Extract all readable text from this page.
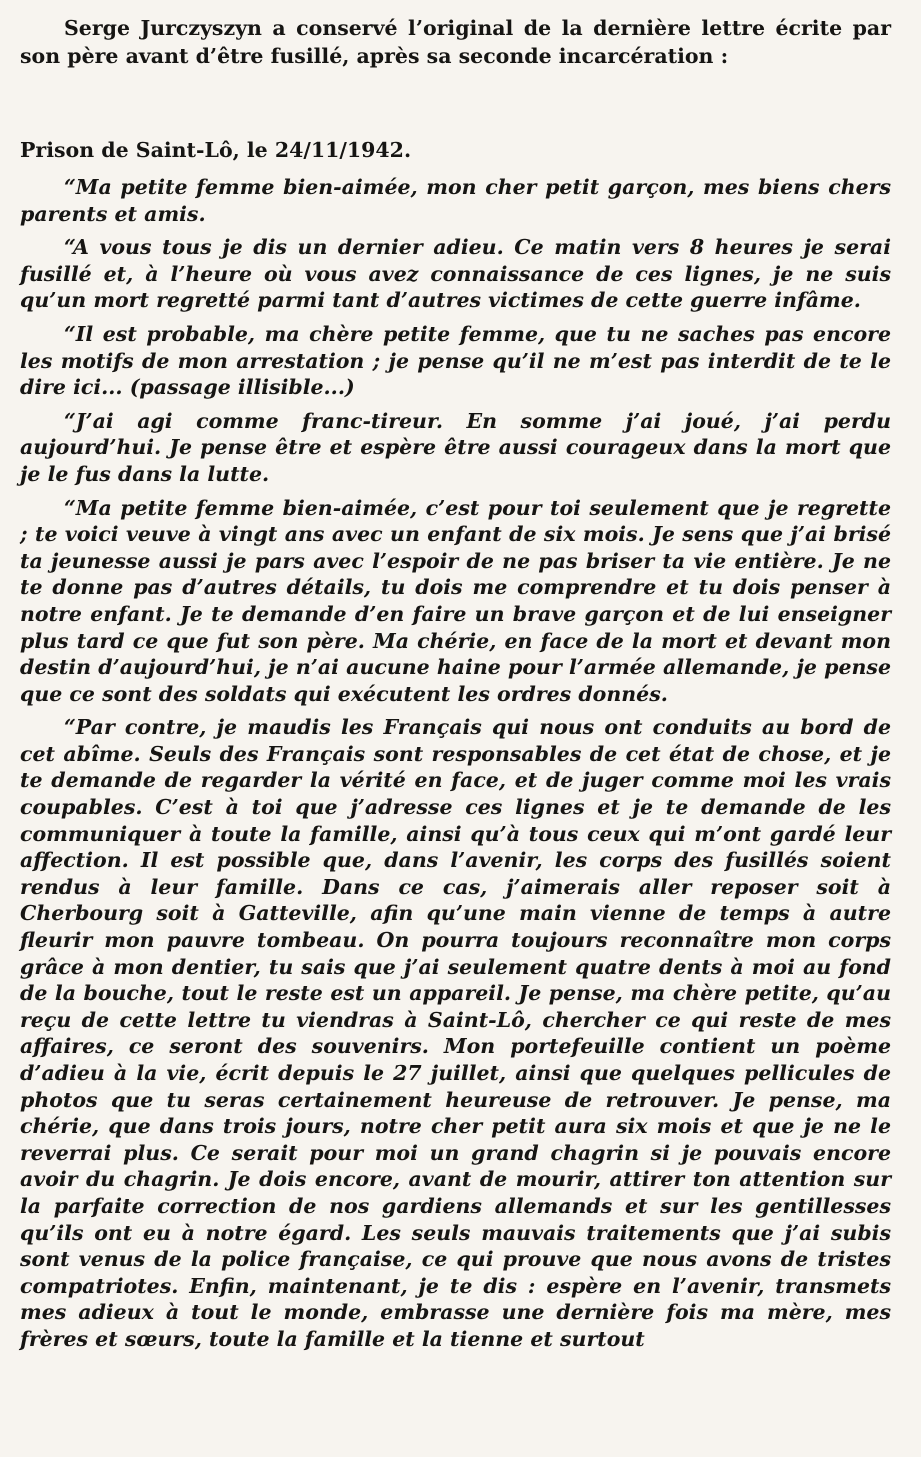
Serge Jurczyszyn a conservé l’original de la dernière lettre écrite par son père avant d’être fusillé, après sa seconde incarcération :

Prison de Saint-Lô, le 24/11/1942.

“Ma petite femme bien-aimée, mon cher petit garçon, mes biens chers parents et amis.

“A vous tous je dis un dernier adieu. Ce matin vers 8 heures je serai fusillé et, à l’heure où vous avez connaissance de ces lignes, je ne suis qu’un mort regretté parmi tant d’autres victimes de cette guerre infâme.

“Il est probable, ma chère petite femme, que tu ne saches pas encore les motifs de mon arrestation ; je pense qu’il ne m’est pas interdit de te le dire ici... (passage illisible...)

“J’ai agi comme franc-tireur. En somme j’ai joué, j’ai perdu aujourd’hui. Je pense être et espère être aussi courageux dans la mort que je le fus dans la lutte.

“Ma petite femme bien-aimée, c’est pour toi seulement que je regrette ; te voici veuve à vingt ans avec un enfant de six mois. Je sens que j’ai brisé ta jeunesse aussi je pars avec l’espoir de ne pas briser ta vie entière. Je ne te donne pas d’autres détails, tu dois me comprendre et tu dois penser à notre enfant. Je te demande d’en faire un brave garçon et de lui enseigner plus tard ce que fut son père. Ma chérie, en face de la mort et devant mon destin d’aujourd’hui, je n’ai aucune haine pour l’armée allemande, je pense que ce sont des soldats qui exécutent les ordres donnés.

“Par contre, je maudis les Français qui nous ont conduits au bord de cet abîme. Seuls des Français sont responsables de cet état de chose, et je te demande de regarder la vérité en face, et de juger comme moi les vrais coupables. C’est à toi que j’adresse ces lignes et je te demande de les communiquer à toute la famille, ainsi qu’à tous ceux qui m’ont gardé leur affection. Il est possible que, dans l’avenir, les corps des fusillés soient rendus à leur famille. Dans ce cas, j’aimerais aller reposer soit à Cherbourg soit à Gatteville, afin qu’une main vienne de temps à autre fleurir mon pauvre tombeau. On pourra toujours reconnaître mon corps grâce à mon dentier, tu sais que j’ai seulement quatre dents à moi au fond de la bouche, tout le reste est un appareil. Je pense, ma chère petite, qu’au reçu de cette lettre tu viendras à Saint-Lô, chercher ce qui reste de mes affaires, ce seront des souvenirs. Mon portefeuille contient un poème d’adieu à la vie, écrit depuis le 27 juillet, ainsi que quelques pellicules de photos que tu seras certainement heureuse de retrouver. Je pense, ma chérie, que dans trois jours, notre cher petit aura six mois et que je ne le reverrai plus. Ce serait pour moi un grand chagrin si je pouvais encore avoir du chagrin. Je dois encore, avant de mourir, attirer ton attention sur la parfaite correction de nos gardiens allemands et sur les gentillesses qu’ils ont eu à notre égard. Les seuls mauvais traitements que j’ai subis sont venus de la police française, ce qui prouve que nous avons de tristes compatriotes. Enfin, maintenant, je te dis : espère en l’avenir, transmets mes adieux à tout le monde, embrasse une dernière fois ma mère, mes frères et sœurs, toute la famille et la tienne et surtout
